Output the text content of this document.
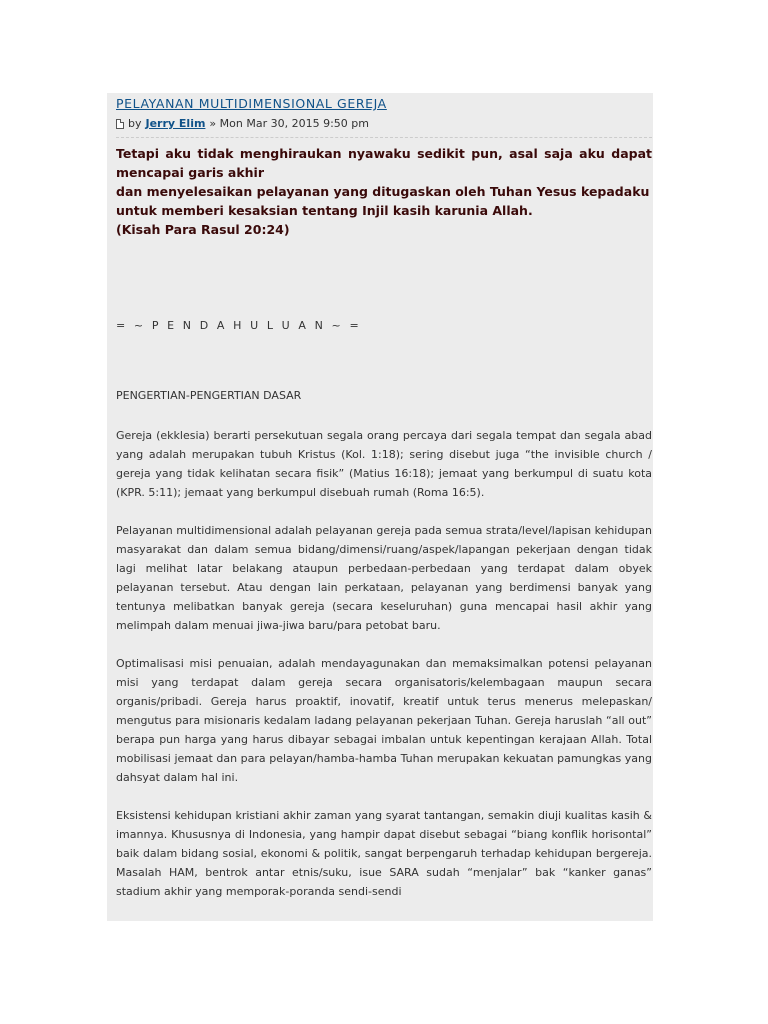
PELAYANAN MULTIDIMENSIONAL GEREJA
by Jerry Elim » Mon Mar 30, 2015 9:50 pm

Tetapi aku tidak menghiraukan nyawaku sedikit pun, asal saja aku dapat mencapai garis akhir

dan menyelesaikan pelayanan yang ditugaskan oleh Tuhan Yesus kepadaku

untuk memberi kesaksian tentang Injil kasih karunia Allah.

(Kisah Para Rasul 20:24)

= ~ P E N D A H U L U A N ~ =
PENGERTIAN-PENGERTIAN DASAR

Gereja (ekklesia) berarti persekutuan segala orang percaya dari segala tempat dan segala abad yang adalah merupakan tubuh Kristus (Kol. 1:18); sering disebut juga “the invisible church / gereja yang tidak kelihatan secara fisik” (Matius 16:18); jemaat yang berkumpul di suatu kota (KPR. 5:11); jemaat yang berkumpul disebuah rumah (Roma 16:5).

Pelayanan multidimensional adalah pelayanan gereja pada semua strata/level/lapisan kehidupan masyarakat dan dalam semua bidang/dimensi/ruang/aspek/lapangan pekerjaan dengan tidak lagi melihat latar belakang ataupun perbedaan-perbedaan yang terdapat dalam obyek pelayanan tersebut. Atau dengan lain perkataan, pelayanan yang berdimensi banyak yang tentunya melibatkan banyak gereja (secara keseluruhan) guna mencapai hasil akhir yang melimpah dalam menuai jiwa-jiwa baru/para petobat baru.

Optimalisasi misi penuaian, adalah mendayagunakan dan memaksimalkan potensi pelayanan misi yang terdapat dalam gereja secara organisatoris/kelembagaan maupun secara organis/pribadi. Gereja harus proaktif, inovatif, kreatif untuk terus menerus melepaskan/ mengutus para misionaris kedalam ladang pelayanan pekerjaan Tuhan. Gereja haruslah “all out” berapa pun harga yang harus dibayar sebagai imbalan untuk kepentingan kerajaan Allah. Total mobilisasi jemaat dan para pelayan/hamba-hamba Tuhan merupakan kekuatan pamungkas yang dahsyat dalam hal ini.

Eksistensi kehidupan kristiani akhir zaman yang syarat tantangan, semakin diuji kualitas kasih & imannya. Khususnya di Indonesia, yang hampir dapat disebut sebagai “biang konflik horisontal” baik dalam bidang sosial, ekonomi & politik, sangat berpengaruh terhadap kehidupan bergereja. Masalah HAM, bentrok antar etnis/suku, isue SARA sudah “menjalar” bak “kanker ganas” stadium akhir yang memporak-poranda sendi-sendi
